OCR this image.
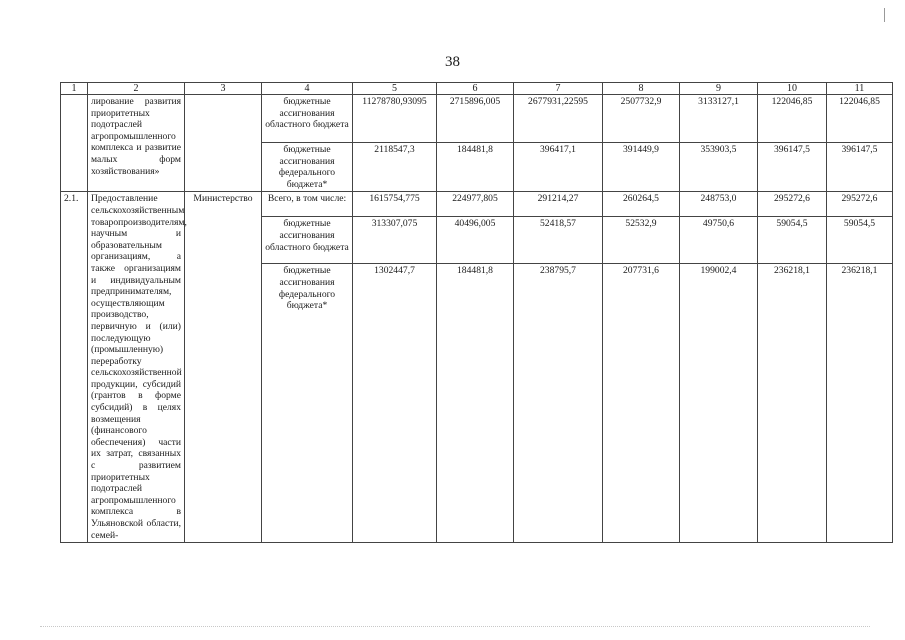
38
1	2	3	4	5	6	7	8	9	10	11
	лирование развития приоритетных подотраслей агропромышленного комплекса и развитие малых форм хозяйствования»		бюджетные ассигнования областного бюджета	11278780,93095	2715896,005	2677931,22595	2507732,9	3133127,1	122046,85	122046,85
			бюджетные ассигнования федерального бюджета*	2118547,3	184481,8	396417,1	391449,9	353903,5	396147,5	396147,5
2.1.	Предоставление сельскохозяйственным товаропроизводителям, научным и образовательным организациям, а также организациям и индивидуальным предпринимателям, осуществляющим производство, первичную и (или) последующую (промышленную) переработку сельскохозяйственной продукции, субсидий (грантов в форме субсидий) в целях возмещения (финансового обеспечения) части их затрат, связанных с развитием приоритетных подотраслей агропромышленного комплекса в Ульяновской области, семей-	Министерство	Всего, в том числе:	1615754,775	224977,805	291214,27	260264,5	248753,0	295272,6	295272,6
			бюджетные ассигнования областного бюджета	313307,075	40496,005	52418,57	52532,9	49750,6	59054,5	59054,5
			бюджетные ассигнования федерального бюджета*	1302447,7	184481,8	238795,7	207731,6	199002,4	236218,1	236218,1
